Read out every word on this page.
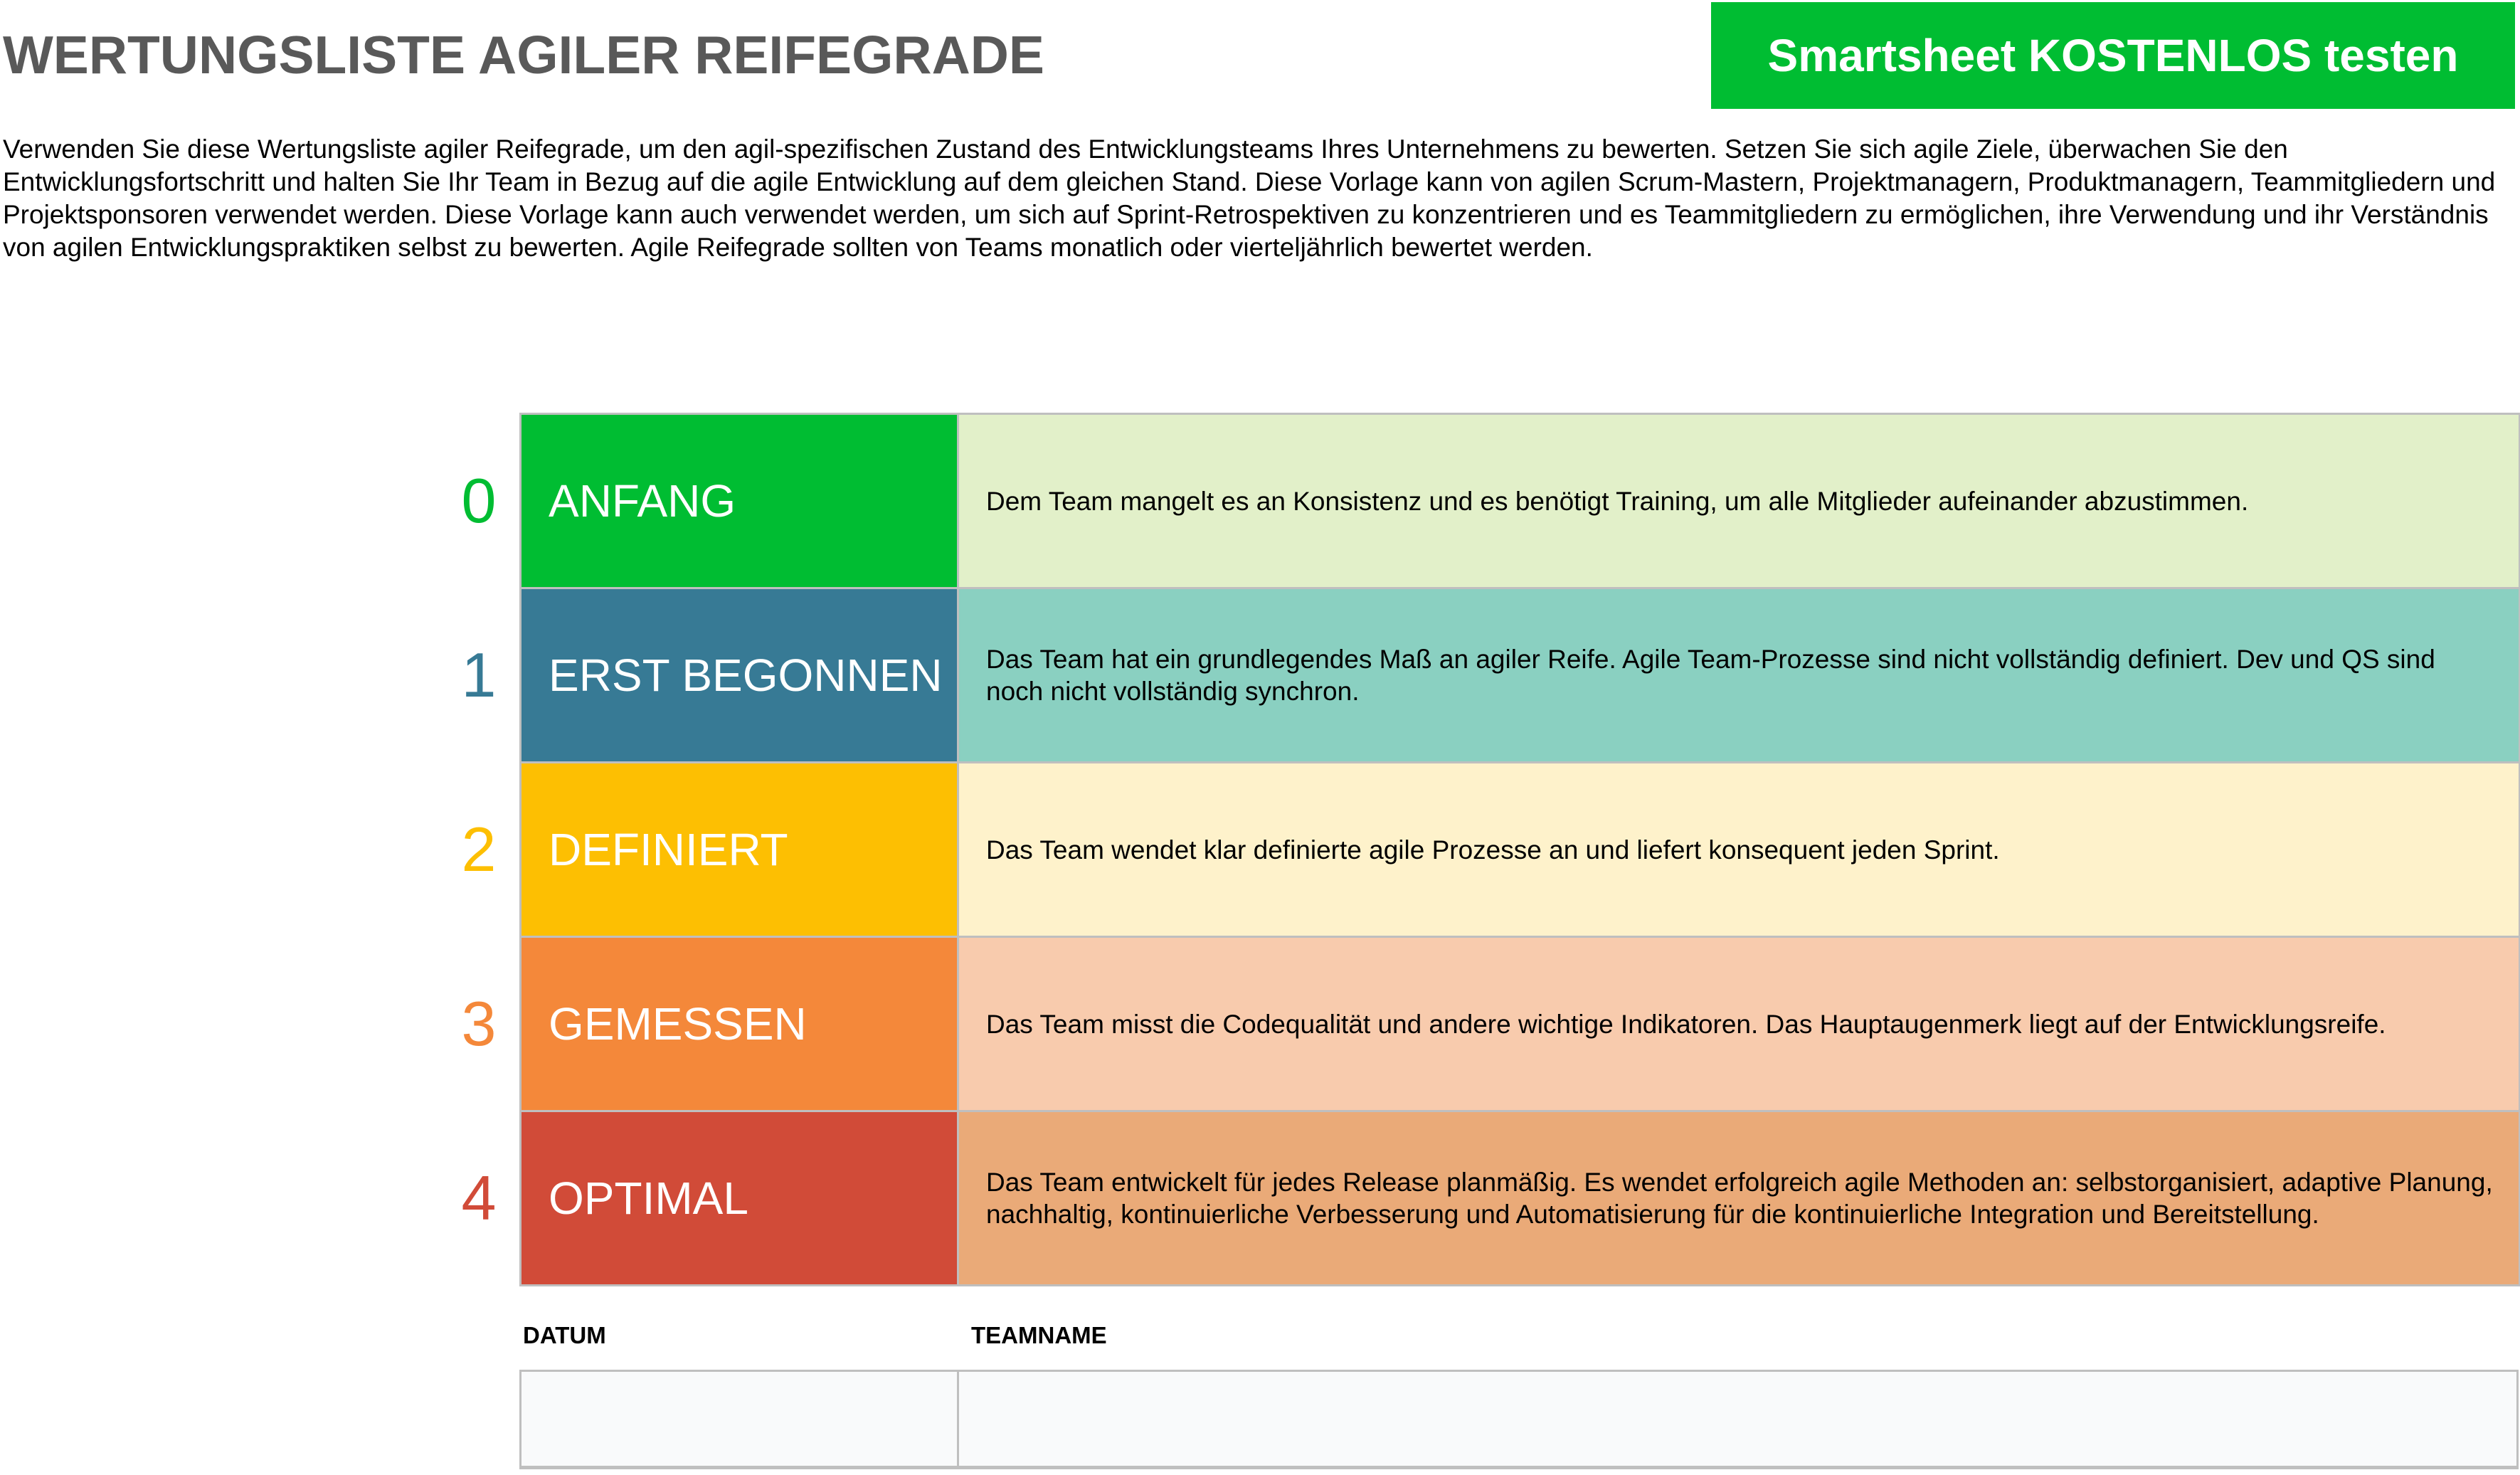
WERTUNGSLISTE AGILER REIFEGRADE	Smartsheet KOSTENLOS testen
Verwenden Sie diese Wertungsliste agiler Reifegrade, um den agil-spezifischen Zustand des Entwicklungsteams Ihres Unternehmens zu bewerten. Setzen Sie sich agile Ziele, überwachen Sie den Entwicklungsfortschritt und halten Sie Ihr Team in Bezug auf die agile Entwicklung auf dem gleichen Stand. Diese Vorlage kann von agilen Scrum-Mastern, Projektmanagern, Produktmanagern, Teammitgliedern und Projektsponsoren verwendet werden. Diese Vorlage kann auch verwendet werden, um sich auf Sprint-Retrospektiven zu konzentrieren und es Teammitgliedern zu ermöglichen, ihre Verwendung und ihr Verständnis von agilen Entwicklungspraktiken selbst zu bewerten. Agile Reifegrade sollten von Teams monatlich oder vierteljährlich bewertet werden.
0	ANFANG	Dem Team mangelt es an Konsistenz und es benötigt Training, um alle Mitglieder aufeinander abzustimmen.
1	ERST BEGONNEN	Das Team hat ein grundlegendes Maß an agiler Reife. Agile Team-Prozesse sind nicht vollständig definiert. Dev und QS sind noch nicht vollständig synchron.
2	DEFINIERT	Das Team wendet klar definierte agile Prozesse an und liefert konsequent jeden Sprint.
3	GEMESSEN	Das Team misst die Codequalität und andere wichtige Indikatoren. Das Hauptaugenmerk liegt auf der Entwicklungsreife.
4	OPTIMAL	Das Team entwickelt für jedes Release planmäßig. Es wendet erfolgreich agile Methoden an: selbstorganisiert, adaptive Planung, nachhaltig, kontinuierliche Verbesserung und Automatisierung für die kontinuierliche Integration und Bereitstellung.
DATUM	TEAMNAME
